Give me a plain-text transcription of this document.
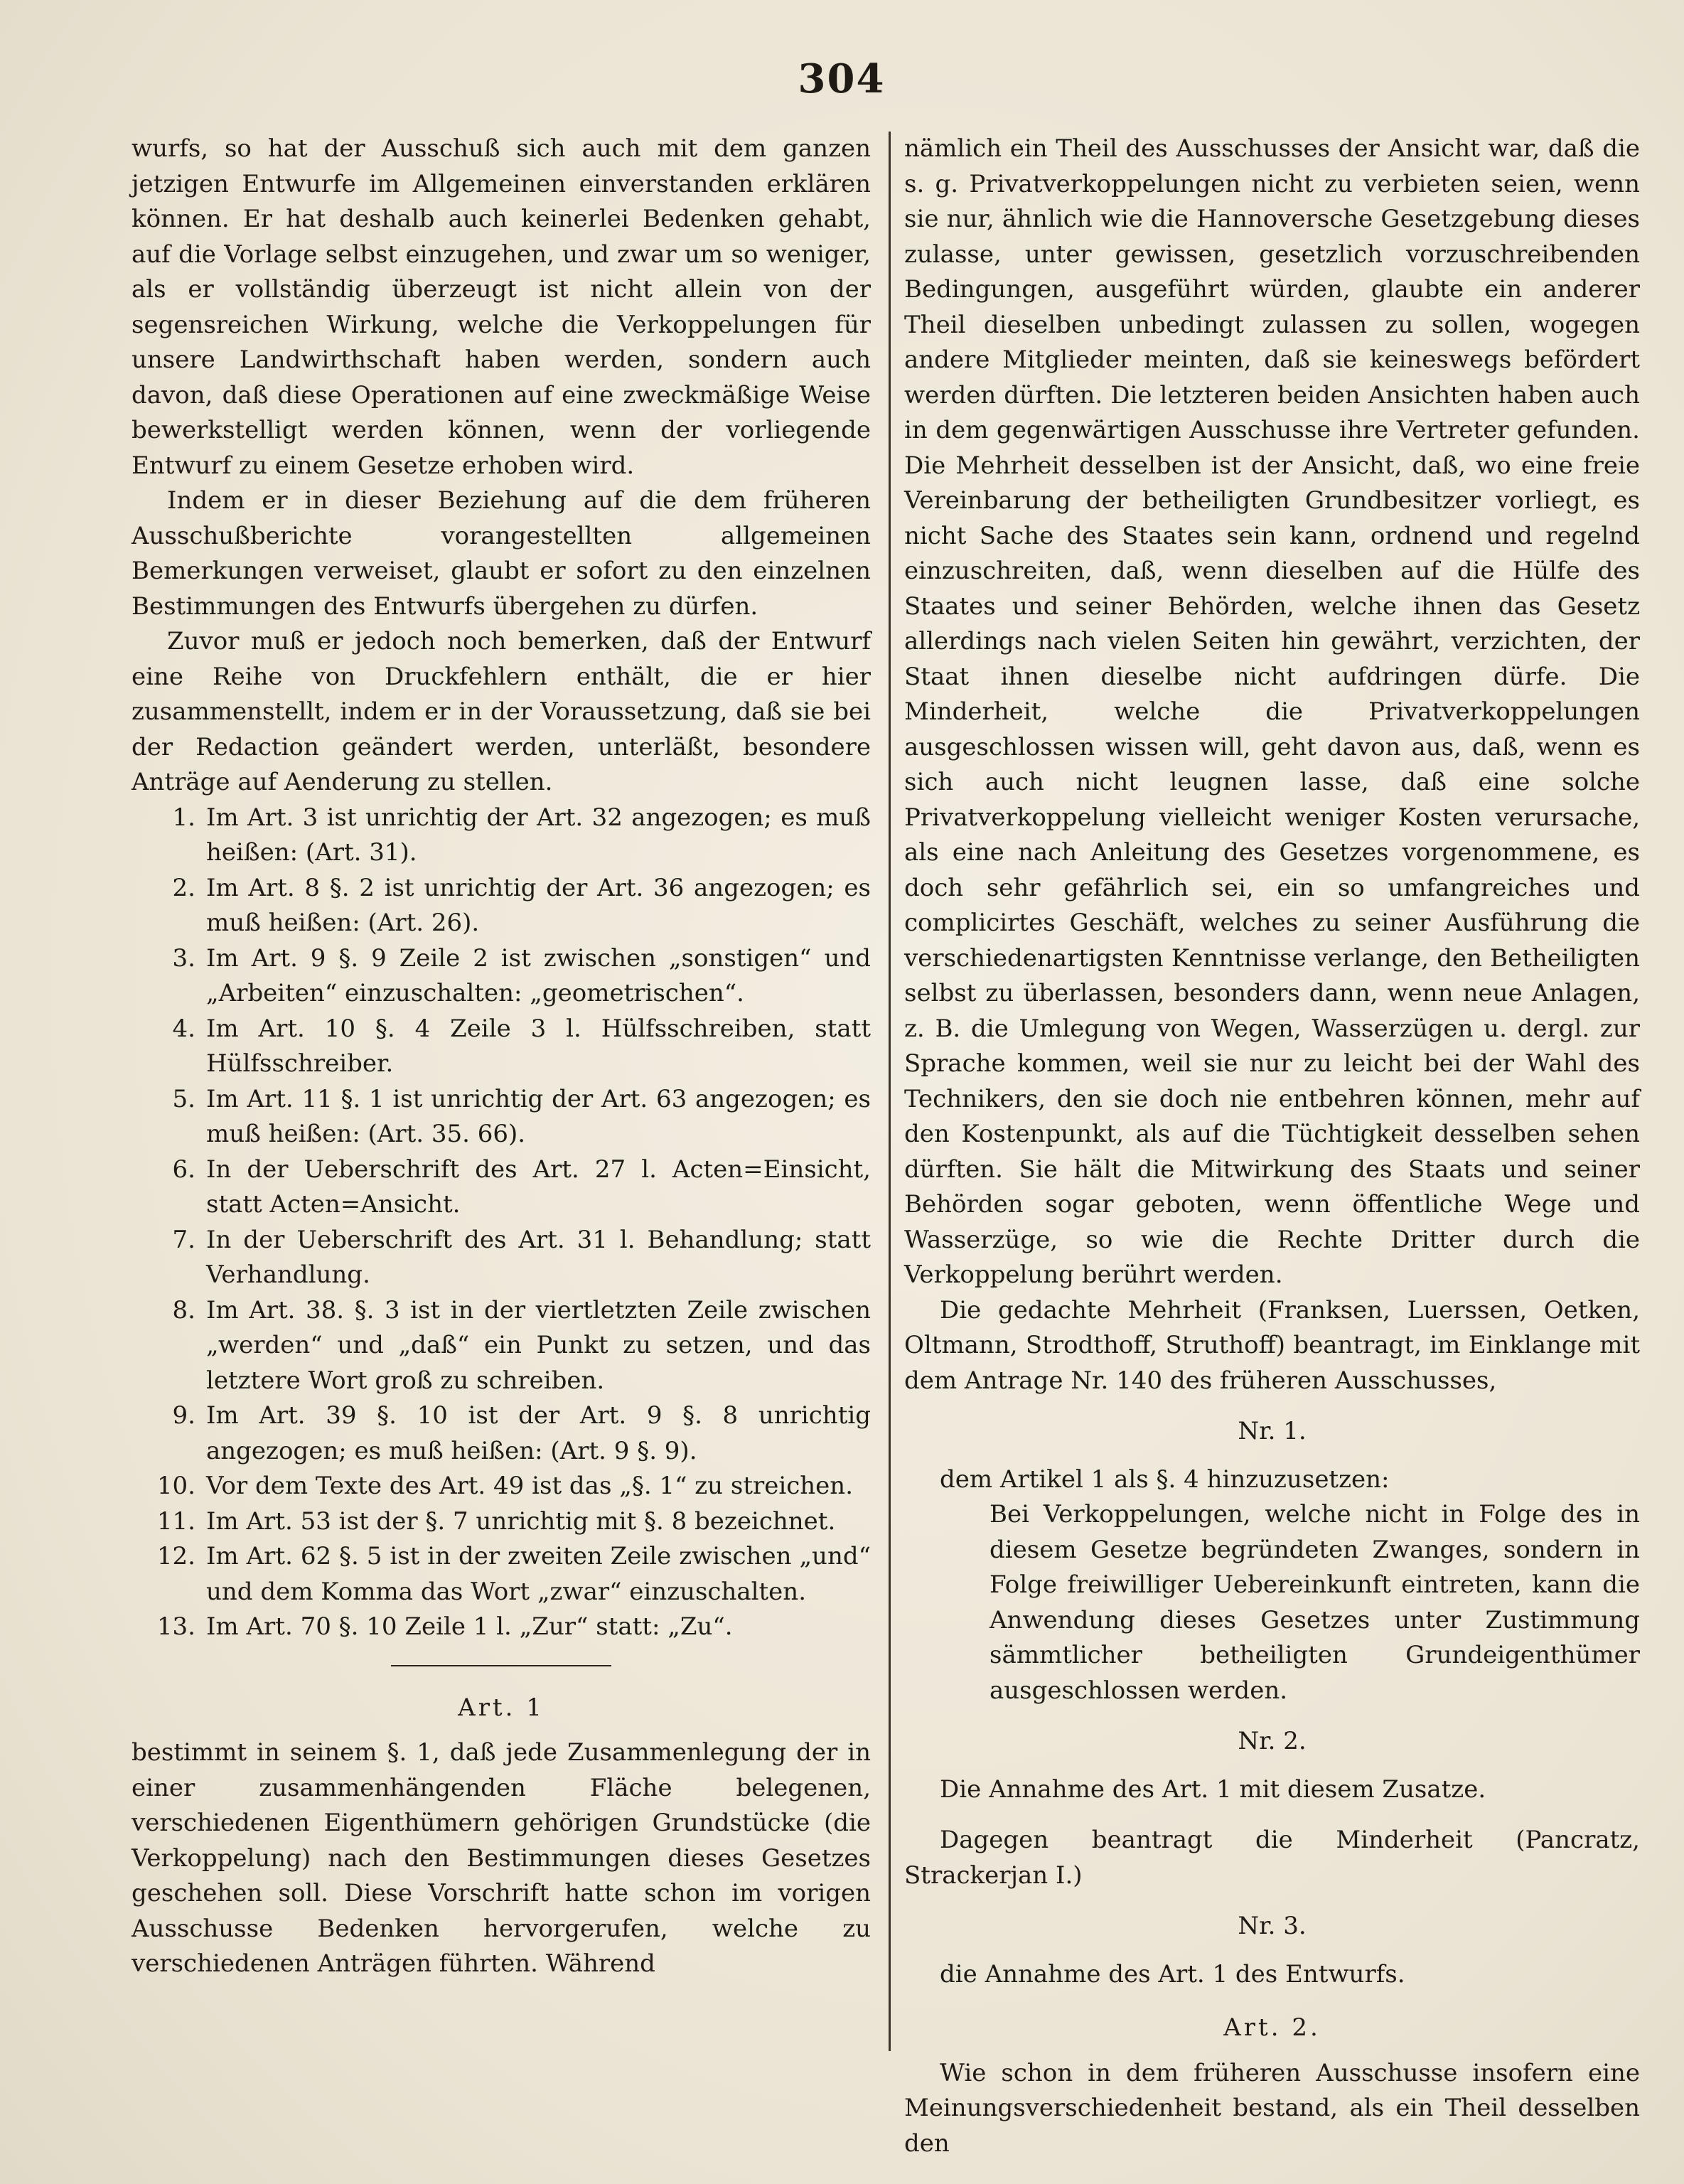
304

wurfs, so hat der Ausschuß sich auch mit dem ganzen jetzigen Entwurfe im Allgemeinen einverstanden erklären können. Er hat deshalb auch keinerlei Bedenken gehabt, auf die Vorlage selbst einzugehen, und zwar um so weniger, als er vollständig überzeugt ist nicht allein von der segensreichen Wirkung, welche die Verkoppelungen für unsere Landwirthschaft haben werden, sondern auch davon, daß diese Operationen auf eine zweckmäßige Weise bewerkstelligt werden können, wenn der vorliegende Entwurf zu einem Gesetze erhoben wird.

Indem er in dieser Beziehung auf die dem früheren Ausschußberichte vorangestellten allgemeinen Bemerkungen verweiset, glaubt er sofort zu den einzelnen Bestimmungen des Entwurfs übergehen zu dürfen.

Zuvor muß er jedoch noch bemerken, daß der Entwurf eine Reihe von Druckfehlern enthält, die er hier zusammenstellt, indem er in der Voraussetzung, daß sie bei der Redaction geändert werden, unterläßt, besondere Anträge auf Aenderung zu stellen.

1. Im Art. 3 ist unrichtig der Art. 32 angezogen; es muß heißen: (Art. 31).
2. Im Art. 8 §. 2 ist unrichtig der Art. 36 angezogen; es muß heißen: (Art. 26).
3. Im Art. 9 §. 9 Zeile 2 ist zwischen „sonstigen“ und „Arbeiten“ einzuschalten: „geometrischen“.
4. Im Art. 10 §. 4 Zeile 3 l. Hülfsschreiben, statt Hülfsschreiber.
5. Im Art. 11 §. 1 ist unrichtig der Art. 63 angezogen; es muß heißen: (Art. 35. 66).
6. In der Ueberschrift des Art. 27 l. Acten=Einsicht, statt Acten=Ansicht.
7. In der Ueberschrift des Art. 31 l. Behandlung; statt Verhandlung.
8. Im Art. 38. §. 3 ist in der viertletzten Zeile zwischen „werden“ und „daß“ ein Punkt zu setzen, und das letztere Wort groß zu schreiben.
9. Im Art. 39 §. 10 ist der Art. 9 §. 8 unrichtig angezogen; es muß heißen: (Art. 9 §. 9).
10. Vor dem Texte des Art. 49 ist das „§. 1“ zu streichen.
11. Im Art. 53 ist der §. 7 unrichtig mit §. 8 bezeichnet.
12. Im Art. 62 §. 5 ist in der zweiten Zeile zwischen „und“ und dem Komma das Wort „zwar“ einzuschalten.
13. Im Art. 70 §. 10 Zeile 1 l. „Zur“ statt: „Zu“.
Art. 1

bestimmt in seinem §. 1, daß jede Zusammenlegung der in einer zusammenhängenden Fläche belegenen, verschiedenen Eigenthümern gehörigen Grundstücke (die Verkoppelung) nach den Bestimmungen dieses Gesetzes geschehen soll. Diese Vorschrift hatte schon im vorigen Ausschusse Bedenken hervorgerufen, welche zu verschiedenen Anträgen führten. Während

nämlich ein Theil des Ausschusses der Ansicht war, daß die s. g. Privatverkoppelungen nicht zu verbieten seien, wenn sie nur, ähnlich wie die Hannoversche Gesetzgebung dieses zulasse, unter gewissen, gesetzlich vorzuschreibenden Bedingungen, ausgeführt würden, glaubte ein anderer Theil dieselben unbedingt zulassen zu sollen, wogegen andere Mitglieder meinten, daß sie keineswegs befördert werden dürften. Die letzteren beiden Ansichten haben auch in dem gegenwärtigen Ausschusse ihre Vertreter gefunden. Die Mehrheit desselben ist der Ansicht, daß, wo eine freie Vereinbarung der betheiligten Grundbesitzer vorliegt, es nicht Sache des Staates sein kann, ordnend und regelnd einzuschreiten, daß, wenn dieselben auf die Hülfe des Staates und seiner Behörden, welche ihnen das Gesetz allerdings nach vielen Seiten hin gewährt, verzichten, der Staat ihnen dieselbe nicht aufdringen dürfe. Die Minderheit, welche die Privatverkoppelungen ausgeschlossen wissen will, geht davon aus, daß, wenn es sich auch nicht leugnen lasse, daß eine solche Privatverkoppelung vielleicht weniger Kosten verursache, als eine nach Anleitung des Gesetzes vorgenommene, es doch sehr gefährlich sei, ein so umfangreiches und complicirtes Geschäft, welches zu seiner Ausführung die verschiedenartigsten Kenntnisse verlange, den Betheiligten selbst zu überlassen, besonders dann, wenn neue Anlagen, z. B. die Umlegung von Wegen, Wasserzügen u. dergl. zur Sprache kommen, weil sie nur zu leicht bei der Wahl des Technikers, den sie doch nie entbehren können, mehr auf den Kostenpunkt, als auf die Tüchtigkeit desselben sehen dürften. Sie hält die Mitwirkung des Staats und seiner Behörden sogar geboten, wenn öffentliche Wege und Wasserzüge, so wie die Rechte Dritter durch die Verkoppelung berührt werden.

Die gedachte Mehrheit (Franksen, Luerssen, Oetken, Oltmann, Strodthoff, Struthoff) beantragt, im Einklange mit dem Antrage Nr. 140 des früheren Ausschusses,

Nr. 1.

dem Artikel 1 als §. 4 hinzuzusetzen:

Bei Verkoppelungen, welche nicht in Folge des in diesem Gesetze begründeten Zwanges, sondern in Folge freiwilliger Uebereinkunft eintreten, kann die Anwendung dieses Gesetzes unter Zustimmung sämmtlicher betheiligten Grundeigenthümer ausgeschlossen werden.

Nr. 2.

Die Annahme des Art. 1 mit diesem Zusatze.

Dagegen beantragt die Minderheit (Pancratz, Strackerjan I.)

Nr. 3.

die Annahme des Art. 1 des Entwurfs.

Art. 2.

Wie schon in dem früheren Ausschusse insofern eine Meinungsverschiedenheit bestand, als ein Theil desselben den
